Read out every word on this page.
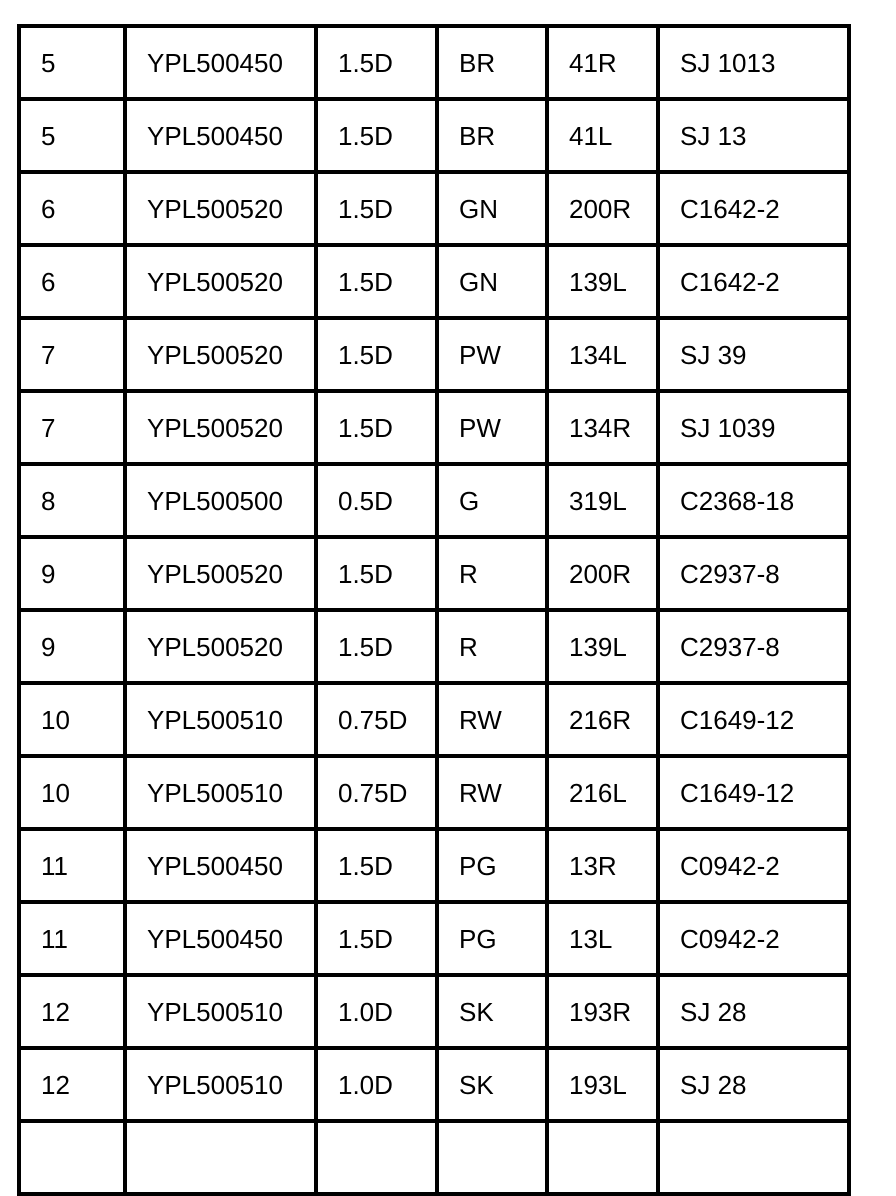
5	YPL500450	1.5D	BR	41R	SJ 1013
5	YPL500450	1.5D	BR	41L	SJ 13
6	YPL500520	1.5D	GN	200R	C1642-2
6	YPL500520	1.5D	GN	139L	C1642-2
7	YPL500520	1.5D	PW	134L	SJ 39
7	YPL500520	1.5D	PW	134R	SJ 1039
8	YPL500500	0.5D	G	319L	C2368-18
9	YPL500520	1.5D	R	200R	C2937-8
9	YPL500520	1.5D	R	139L	C2937-8
10	YPL500510	0.75D	RW	216R	C1649-12
10	YPL500510	0.75D	RW	216L	C1649-12
11	YPL500450	1.5D	PG	13R	C0942-2
11	YPL500450	1.5D	PG	13L	C0942-2
12	YPL500510	1.0D	SK	193R	SJ 28
12	YPL500510	1.0D	SK	193L	SJ 28
